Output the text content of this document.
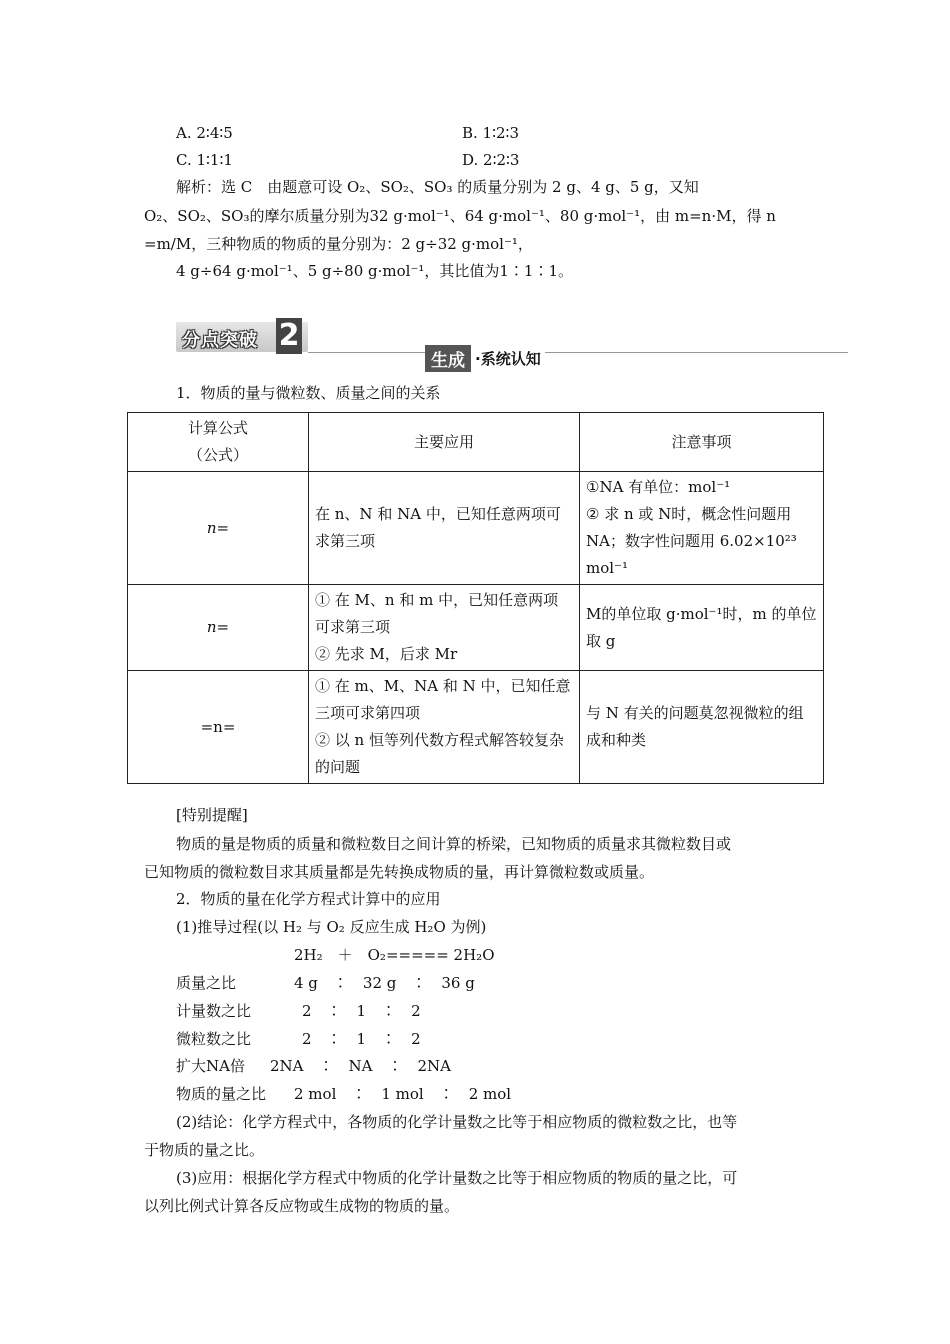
A. 2∶4∶5	B. 1∶2∶3
C. 1∶1∶1	D. 2∶2∶3
解析：选 C　由题意可设 O₂、SO₂、SO₃ 的质量分别为 2 g、4 g、5 g，又知
O₂、SO₂、SO₃的摩尔质量分别为32 g·mol⁻¹、64 g·mol⁻¹、80 g·mol⁻¹，由 m=n·M，得 n
=m/M，三种物质的物质的量分别为：2 g÷32 g·mol⁻¹，
4 g÷64 g·mol⁻¹、5 g÷80 g·mol⁻¹，其比值为1∶1∶1。
分点突破 2
生成 ·系统认知
1．物质的量与微粒数、质量之间的关系
计算公式
（公式）	主要应用	注意事项
n=	在 n、N 和 NA 中，已知任意两项可求第三项	①NA 有单位：mol⁻¹
② 求 n 或 N时，概念性问题用 NA；数字性问题用 6.02×10²³ mol⁻¹
n=	① 在 M、n 和 m 中，已知任意两项可求第三项
② 先求 M，后求 Mr	M的单位取 g·mol⁻¹时，m 的单位取 g
=n=	① 在 m、M、NA 和 N 中，已知任意三项可求第四项
② 以 n 恒等列代数方程式解答较复杂的问题	与 N 有关的问题莫忽视微粒的组成和种类
[特别提醒]
物质的量是物质的质量和微粒数目之间计算的桥梁，已知物质的质量求其微粒数目或
已知物质的微粒数目求其质量都是先转换成物质的量，再计算微粒数或质量。
2．物质的量在化学方程式计算中的应用
(1)推导过程(以 H₂ 与 O₂ 反应生成 H₂O 为例)
2H₂　＋　O₂===== 2H₂O
质量之比	4 g　∶　32 g　∶　36 g
计量数之比	2　∶　1　∶　2
微粒数之比	2　∶　1　∶　2
扩大NA倍 2NA　∶　NA　∶　2NA
物质的量之比 2 mol　∶　1 mol　∶　2 mol
(2)结论：化学方程式中，各物质的化学计量数之比等于相应物质的微粒数之比，也等
于物质的量之比。
(3)应用：根据化学方程式中物质的化学计量数之比等于相应物质的物质的量之比，可
以列比例式计算各反应物或生成物的物质的量。
